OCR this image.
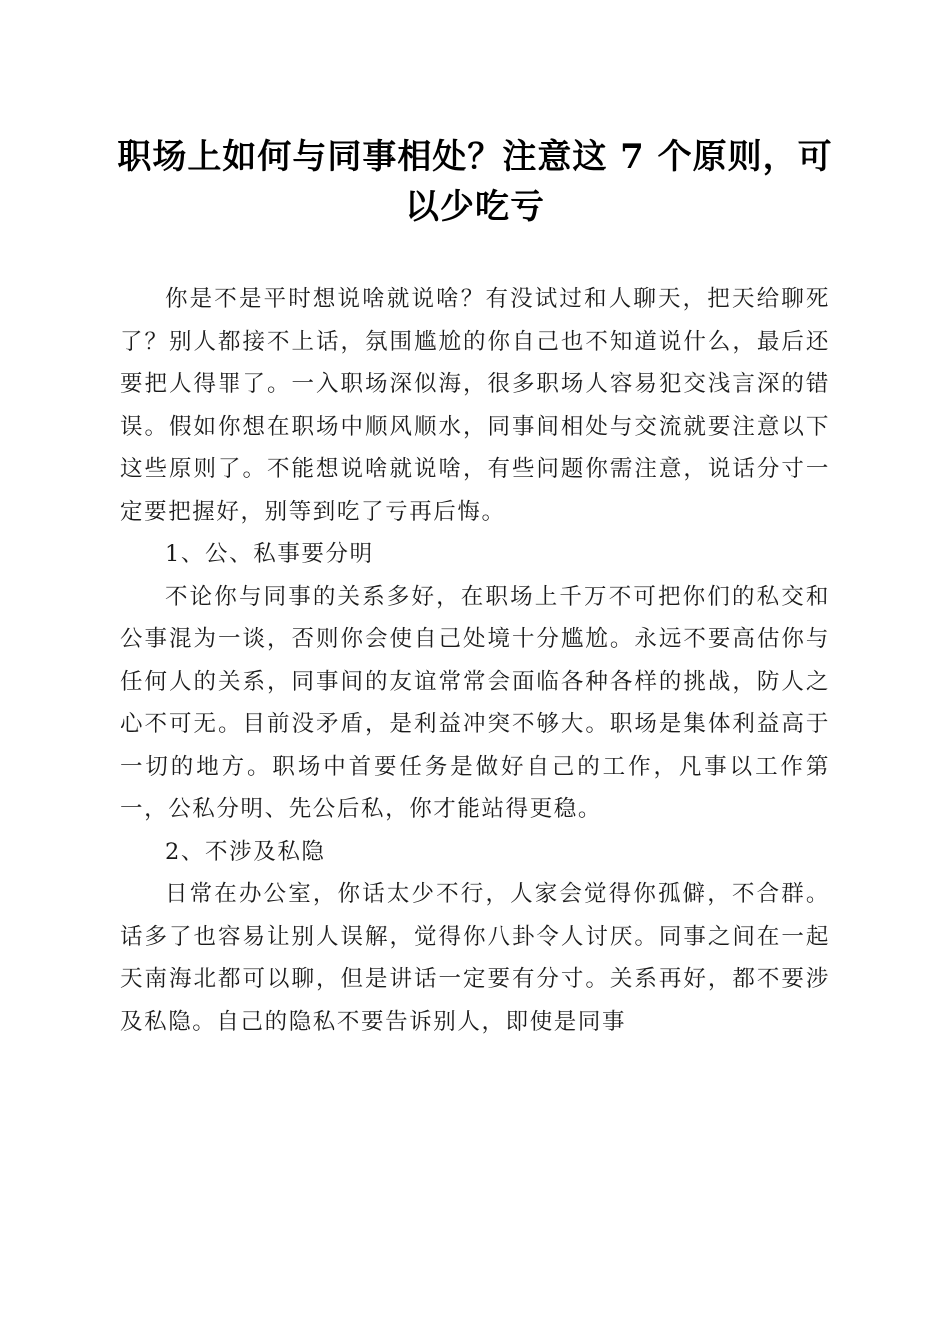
职场上如何与同事相处？注意这 7 个原则，可以少吃亏

你是不是平时想说啥就说啥？有没试过和人聊天，把天给聊死了？别人都接不上话，氛围尴尬的你自己也不知道说什么，最后还要把人得罪了。一入职场深似海，很多职场人容易犯交浅言深的错误。假如你想在职场中顺风顺水，同事间相处与交流就要注意以下这些原则了。不能想说啥就说啥，有些问题你需注意，说话分寸一定要把握好，别等到吃了亏再后悔。

1、公、私事要分明

不论你与同事的关系多好，在职场上千万不可把你们的私交和公事混为一谈，否则你会使自己处境十分尴尬。永远不要高估你与任何人的关系，同事间的友谊常常会面临各种各样的挑战，防人之心不可无。目前没矛盾，是利益冲突不够大。职场是集体利益高于一切的地方。职场中首要任务是做好自己的工作，凡事以工作第一，公私分明、先公后私，你才能站得更稳。

2、不涉及私隐

日常在办公室，你话太少不行，人家会觉得你孤僻，不合群。话多了也容易让别人误解，觉得你八卦令人讨厌。同事之间在一起天南海北都可以聊，但是讲话一定要有分寸。关系再好，都不要涉及私隐。自己的隐私不要告诉别人，即使是同事
